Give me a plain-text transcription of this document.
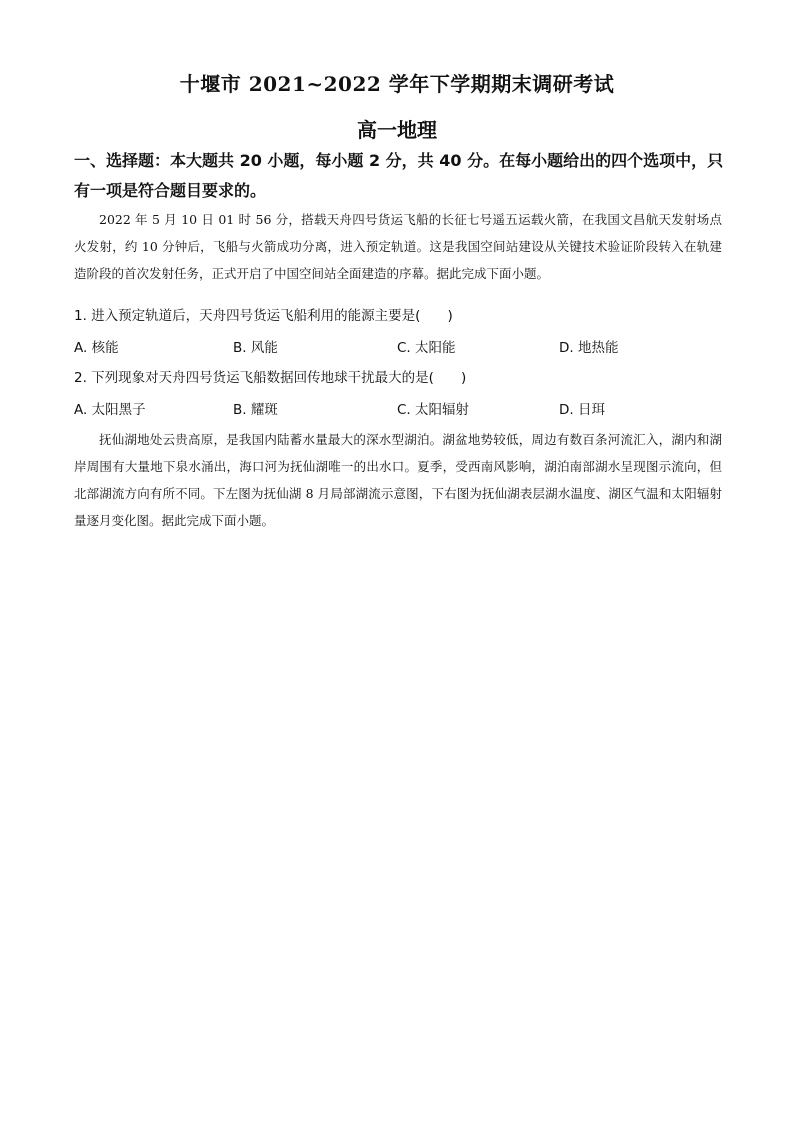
十堰市 2021~2022 学年下学期期末调研考试
高一地理
一、选择题：本大题共 20 小题，每小题 2 分，共 40 分。在每小题给出的四个选项中，只有一项是符合题目要求的。
2022 年 5 月 10 日 01 时 56 分，搭载天舟四号货运飞船的长征七号遥五运载火箭，在我国文昌航天发射场点火发射，约 10 分钟后，飞船与火箭成功分离，进入预定轨道。这是我国空间站建设从关键技术验证阶段转入在轨建造阶段的首次发射任务，正式开启了中国空间站全面建造的序幕。据此完成下面小题。
1. 进入预定轨道后，天舟四号货运飞船利用的能源主要是(　　)
A. 核能	B. 风能	C. 太阳能	D. 地热能
2. 下列现象对天舟四号货运飞船数据回传地球干扰最大的是(　　)
A. 太阳黑子	B. 耀斑	C. 太阳辐射	D. 日珥
抚仙湖地处云贵高原，是我国内陆蓄水量最大的深水型湖泊。湖盆地势较低，周边有数百条河流汇入，湖内和湖岸周围有大量地下泉水涌出，海口河为抚仙湖唯一的出水口。夏季，受西南风影响，湖泊南部湖水呈现图示流向，但北部湖流方向有所不同。下左图为抚仙湖 8 月局部湖流示意图，下右图为抚仙湖表层湖水温度、湖区气温和太阳辐射量逐月变化图。据此完成下面小题。
